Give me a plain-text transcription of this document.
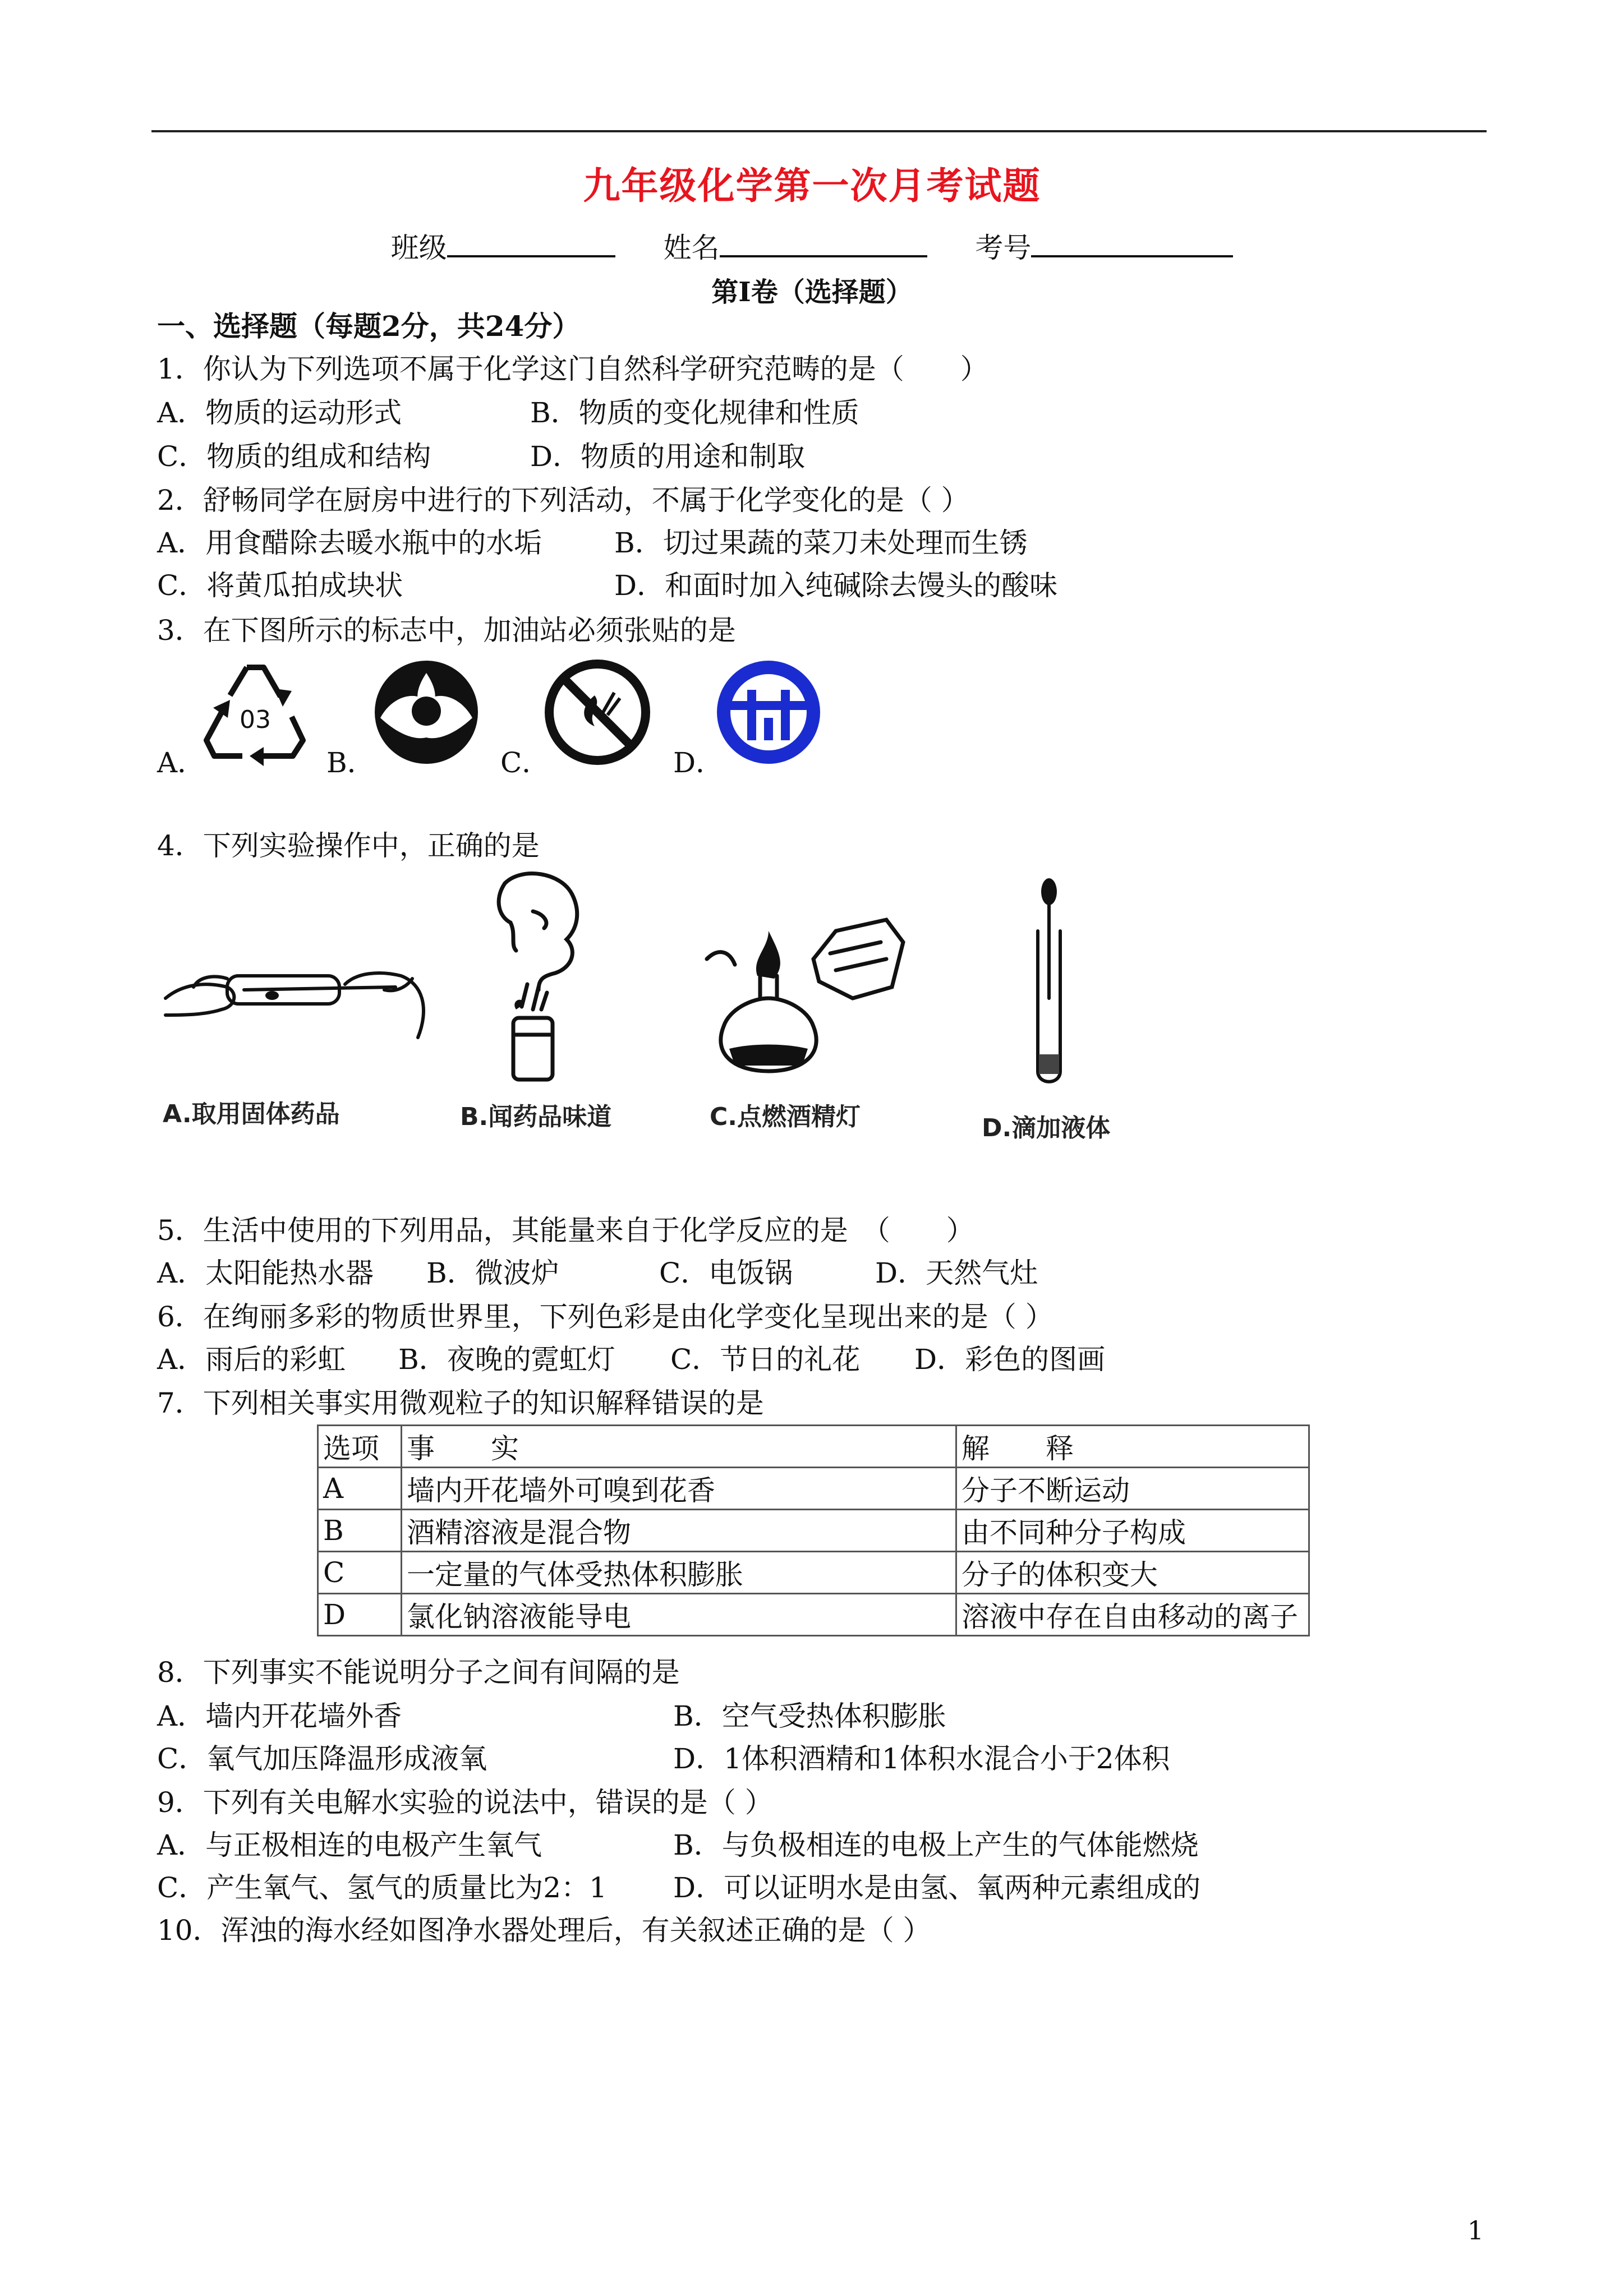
九年级化学第一次月考试题
班级	姓名	考号
第Ⅰ卷（选择题）
一、选择题（每题2分，共24分）
1．你认为下列选项不属于化学这门自然科学研究范畴的是（　　）
A．物质的运动形式	B．物质的变化规律和性质
C．物质的组成和结构	D．物质的用途和制取
2．舒畅同学在厨房中进行的下列活动，不属于化学变化的是（ ）
A．用食醋除去暖水瓶中的水垢	B．切过果蔬的菜刀未处理而生锈
C．将黄瓜拍成块状	D．和面时加入纯碱除去馒头的酸味
3．在下图所示的标志中，加油站必须张贴的是
A．	B．	C．	D．
03
4．下列实验操作中，正确的是
A.取用固体药品	B.闻药品味道	C.点燃酒精灯	D.滴加液体
5．生活中使用的下列用品，其能量来自于化学反应的是　（　　）
A．太阳能热水器 B．微波炉	C．电饭锅	D．天然气灶
6．在绚丽多彩的物质世界里，下列色彩是由化学变化呈现出来的是（ ）
A．雨后的彩虹 B．夜晚的霓虹灯 C．节日的礼花 D．彩色的图画
7．下列相关事实用微观粒子的知识解释错误的是
选项	事　　实	解　　释
A	墙内开花墙外可嗅到花香	分子不断运动
B	酒精溶液是混合物	由不同种分子构成
C	一定量的气体受热体积膨胀	分子的体积变大
D	氯化钠溶液能导电	溶液中存在自由移动的离子
8．下列事实不能说明分子之间有间隔的是
A．墙内开花墙外香	B．空气受热体积膨胀
C．氧气加压降温形成液氧	D．1体积酒精和1体积水混合小于2体积
9．下列有关电解水实验的说法中，错误的是（ ）
A．与正极相连的电极产生氧气	B．与负极相连的电极上产生的气体能燃烧
C．产生氧气、氢气的质量比为2：1 D．可以证明水是由氢、氧两种元素组成的
10．浑浊的海水经如图净水器处理后，有关叙述正确的是（ ）
1
